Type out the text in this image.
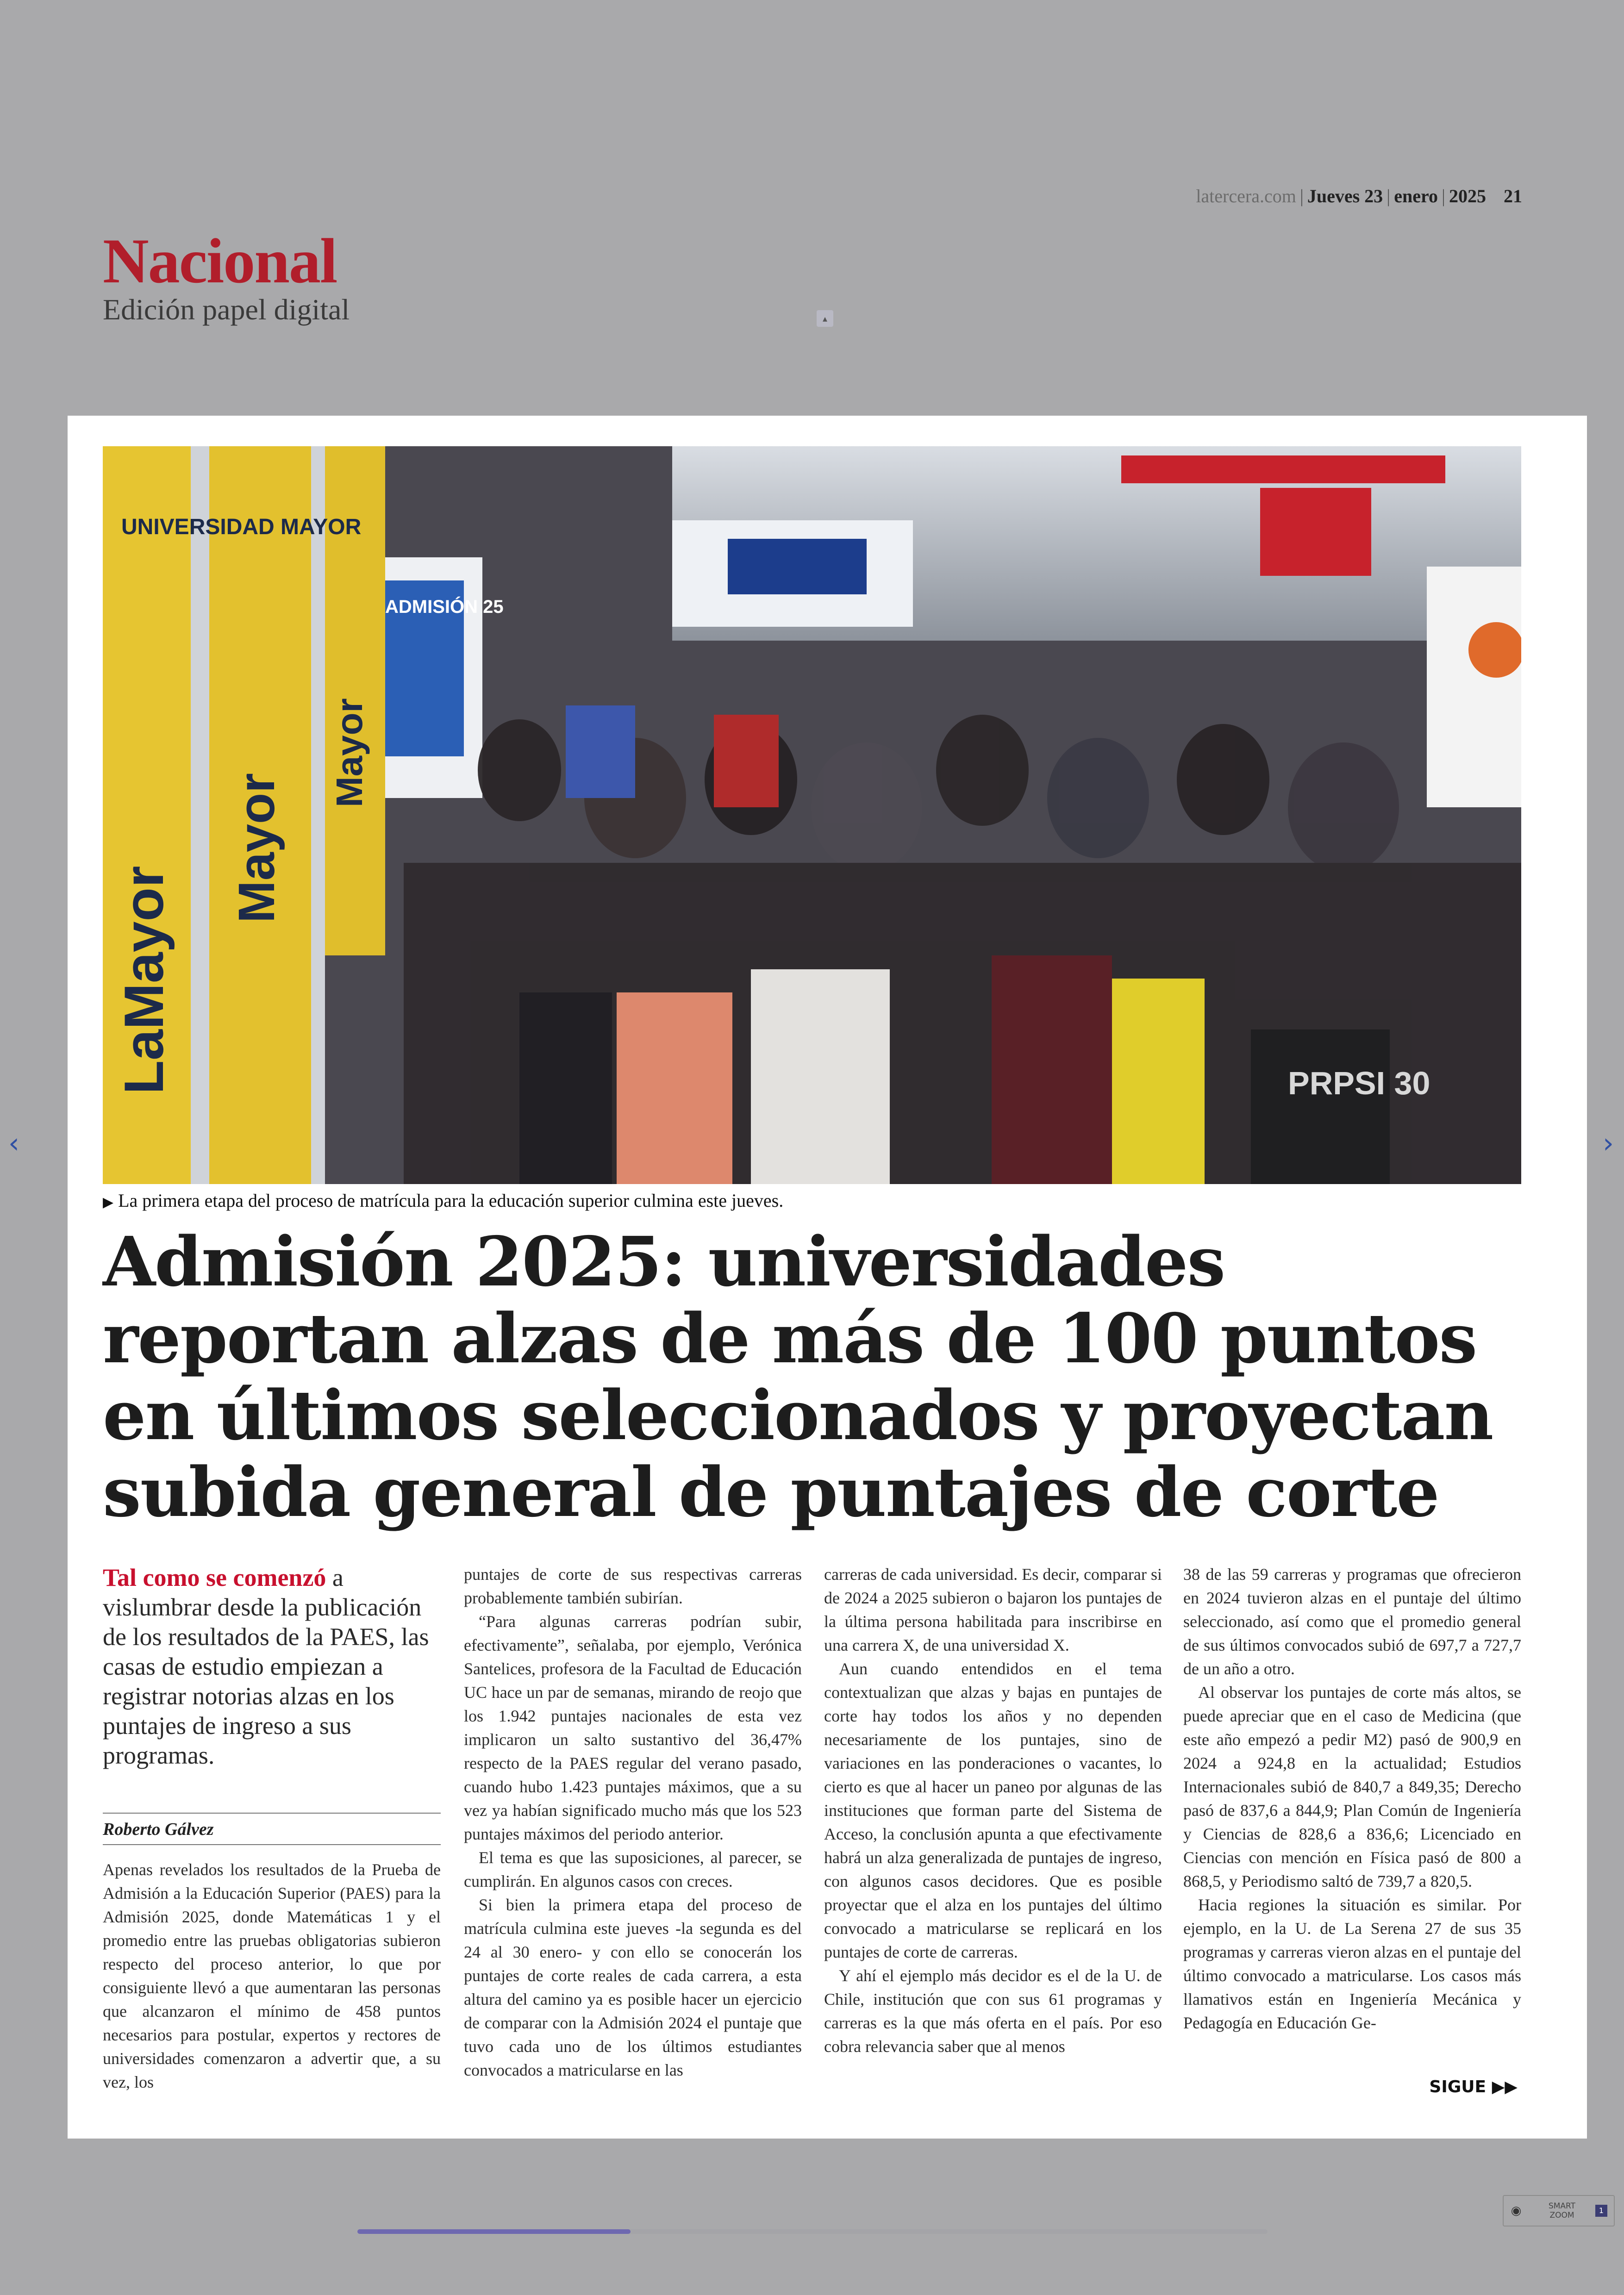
latercera.com | Jueves 23 | enero | 2025 21
Nacional
Edición papel digital	▴
UNIVERSIDAD MAYOR
LaMayor
Mayor
Mayor
ADMISIÓN 25
PRPSI 30
▶ La primera etapa del proceso de matrícula para la educación superior culmina este jueves.
Admisión 2025: universidades reportan alzas de más de 100 puntos en últimos seleccionados y proyectan subida general de puntajes de corte
Tal como se comenzó a vislumbrar desde la publicación de los resultados de la PAES, las casas de estudio empiezan a registrar notorias alzas en los puntajes de ingreso a sus programas.
Roberto Gálvez

Apenas revelados los resultados de la Prueba de Admisión a la Educación Superior (PAES) para la Admisión 2025, donde Matemáticas 1 y el promedio entre las pruebas obligatorias subieron respecto del proceso anterior, lo que por consiguiente llevó a que aumentaran las personas que alcanzaron el mínimo de 458 puntos necesarios para postular, expertos y rectores de universidades comenzaron a advertir que, a su vez, los

puntajes de corte de sus respectivas carreras probablemente también subirían.

“Para algunas carreras podrían subir, efectivamente”, señalaba, por ejemplo, Verónica Santelices, profesora de la Facultad de Educación UC hace un par de semanas, mirando de reojo que los 1.942 puntajes nacionales de esta vez implicaron un salto sustantivo del 36,47% respecto de la PAES regular del verano pasado, cuando hubo 1.423 puntajes máximos, que a su vez ya habían significado mucho más que los 523 puntajes máximos del periodo anterior.

El tema es que las suposiciones, al parecer, se cumplirán. En algunos casos con creces.

Si bien la primera etapa del proceso de matrícula culmina este jueves -la segunda es del 24 al 30 enero- y con ello se conocerán los puntajes de corte reales de cada carrera, a esta altura del camino ya es posible hacer un ejercicio de comparar con la Admisión 2024 el puntaje que tuvo cada uno de los últimos estudiantes convocados a matricularse en las

carreras de cada universidad. Es decir, comparar si de 2024 a 2025 subieron o bajaron los puntajes de la última persona habilitada para inscribirse en una carrera X, de una universidad X.

Aun cuando entendidos en el tema contextualizan que alzas y bajas en puntajes de corte hay todos los años y no dependen necesariamente de los puntajes, sino de variaciones en las ponderaciones o vacantes, lo cierto es que al hacer un paneo por algunas de las instituciones que forman parte del Sistema de Acceso, la conclusión apunta a que efectivamente habrá un alza generalizada de puntajes de ingreso, con algunos casos decidores. Que es posible proyectar que el alza en los puntajes del último convocado a matricularse se replicará en los puntajes de corte de carreras.

Y ahí el ejemplo más decidor es el de la U. de Chile, institución que con sus 61 programas y carreras es la que más oferta en el país. Por eso cobra relevancia saber que al menos

38 de las 59 carreras y programas que ofrecieron en 2024 tuvieron alzas en el puntaje del último seleccionado, así como que el promedio general de sus últimos convocados subió de 697,7 a 727,7 de un año a otro.

Al observar los puntajes de corte más altos, se puede apreciar que en el caso de Medicina (que este año empezó a pedir M2) pasó de 900,9 en 2024 a 924,8 en la actualidad; Estudios Internacionales subió de 840,7 a 849,35; Derecho pasó de 837,6 a 844,9; Plan Común de Ingeniería y Ciencias de 828,6 a 836,6; Licenciado en Ciencias con mención en Física pasó de 800 a 868,5, y Periodismo saltó de 739,7 a 820,5.

Hacia regiones la situación es similar. Por ejemplo, en la U. de La Serena 27 de sus 35 programas y carreras vieron alzas en el puntaje del último convocado a matricularse. Los casos más llamativos están en Ingeniería Mecánica y Pedagogía en Educación Ge-

SIGUE ▶▶
‹	›
◉	SMART
ZOOM
1
